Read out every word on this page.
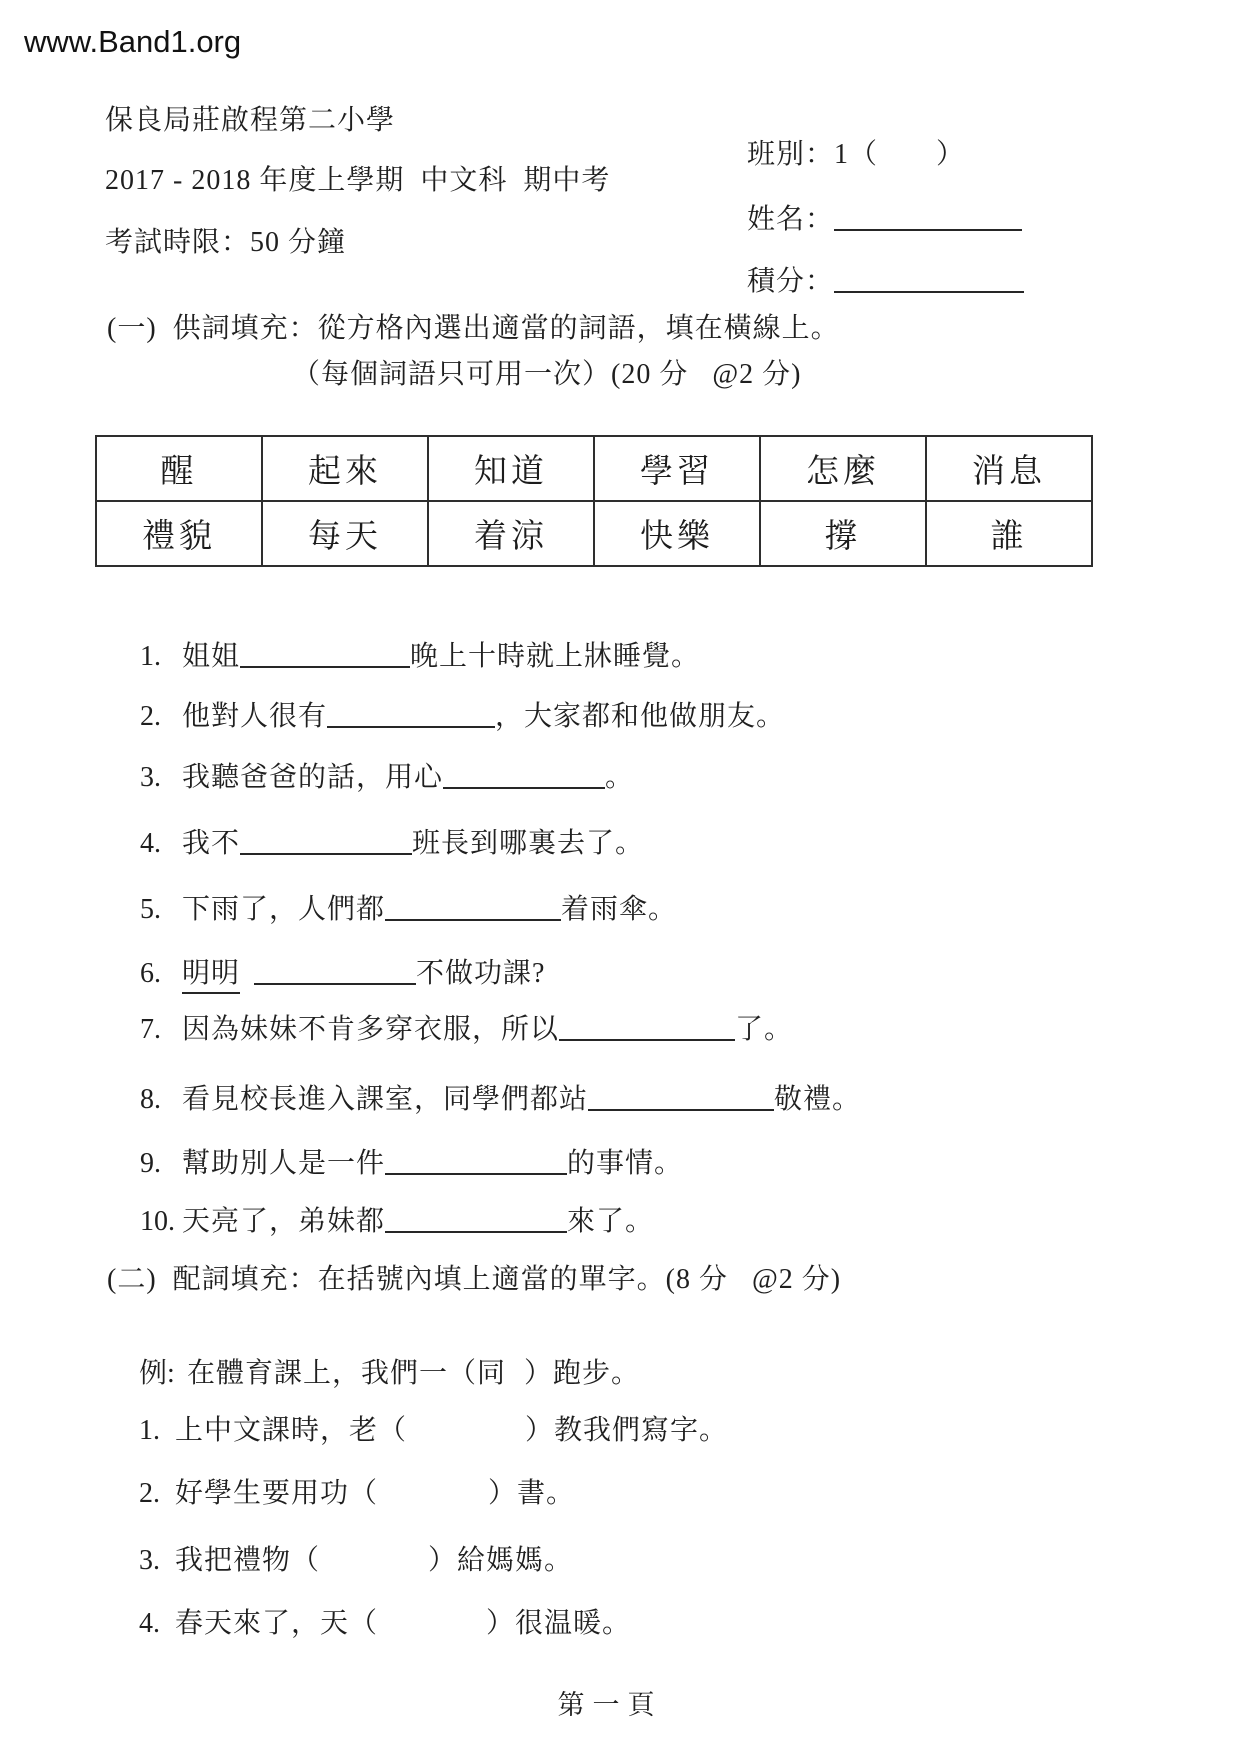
www.Band1.org
保良局莊啟程第二小學
2017 - 2018 年度上學期  中文科  期中考
考試時限：50 分鐘

班別：1（　　）

姓名：

積分：

(一)  供詞填充：從方格內選出適當的詞語，填在橫線上。
（每個詞語只可用一次）(20 分   @2 分)
醒	起來	知道	學習	怎麼	消息
禮貌	每天	着涼	快樂	撐	誰

1. 姐姐	晚上十時就上牀睡覺。

2. 他對人很有	，大家都和他做朋友。

3. 我聽爸爸的話，用心	。

4. 我不	班長到哪裏去了。

5. 下雨了，人們都	着雨傘。

6. 明明	不做功課?

7. 因為妹妹不肯多穿衣服，所以	了。

8. 看見校長進入課室，同學們都站	敬禮。

9. 幫助別人是一件	的事情。

10. 天亮了，弟妹都	來了。

(二)  配詞填充：在括號內填上適當的單字。(8 分   @2 分)

例: 在體育課上，我們一（同 ）跑步。

1. 上中文課時，老（	）教我們寫字。

2. 好學生要用功（	）書。

3. 我把禮物（	）給媽媽。

4. 春天來了，天（	）很温暖。

第一頁
